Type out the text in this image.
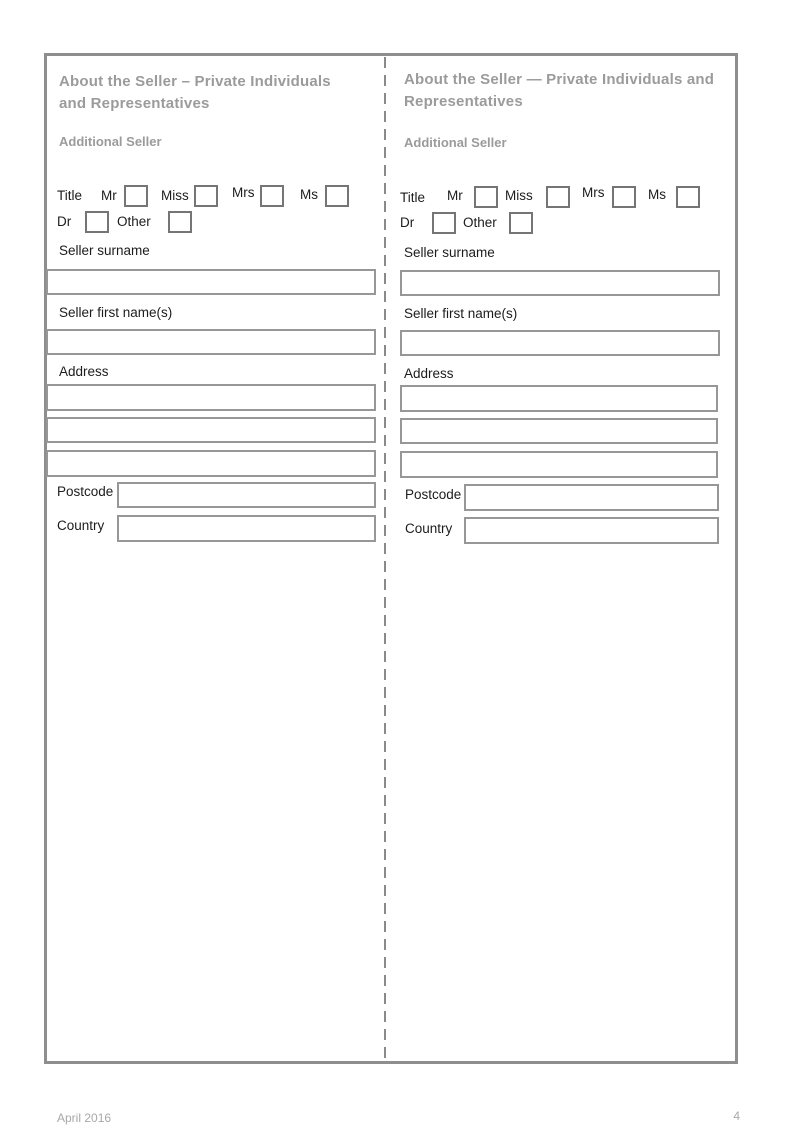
About the Seller – Private Individuals
and Representatives
Additional Seller
Title Mr	Miss	Mrs	Ms
Dr	Other
Seller surname
Seller first name(s)
Address
Postcode
Country
About the Seller — Private Individuals and
Representatives
Additional Seller
Title Mr	Miss	Mrs	Ms
Dr	Other
Seller surname
Seller first name(s)
Address
Postcode
Country
April 2016	4
